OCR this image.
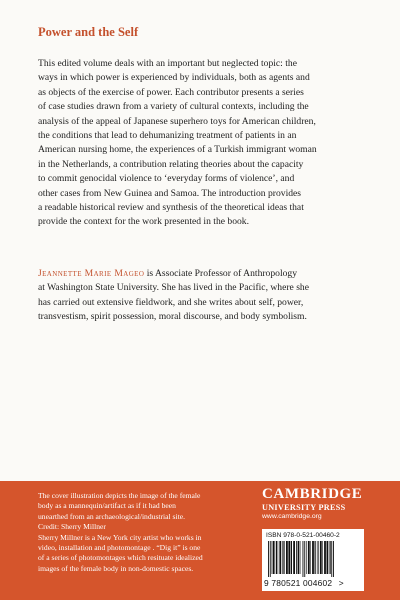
Power and the Self

This edited volume deals with an important but neglected topic: the
ways in which power is experienced by individuals, both as agents and
as objects of the exercise of power. Each contributor presents a series
of case studies drawn from a variety of cultural contexts, including the
analysis of the appeal of Japanese superhero toys for American children,
the conditions that lead to dehumanizing treatment of patients in an
American nursing home, the experiences of a Turkish immigrant woman
in the Netherlands, a contribution relating theories about the capacity
to commit genocidal violence to ‘everyday forms of violence’, and
other cases from New Guinea and Samoa. The introduction provides
a readable historical review and synthesis of the theoretical ideas that
provide the context for the work presented in the book.

Jeannette Marie Mageo is Associate Professor of Anthropology
at Washington State University. She has lived in the Pacific, where she
has carried out extensive fieldwork, and she writes about self, power,
transvestism, spirit possession, moral discourse, and body symbolism.

The cover illustration depicts the image of the female
body as a mannequin/artifact as if it had been
unearthed from an archaeological/industrial site.
Credit: Sherry Millner
Sherry Millner is a New York city artist who works in
video, installation and photomontage . “Dig it” is one
of a series of photomontages which resituate idealized
images of the female body in non-domestic spaces.

CAMBRIDGE
UNIVERSITY PRESS
www.cambridge.org
ISBN 978-0-521-00460-2
9 780521 004602 >
